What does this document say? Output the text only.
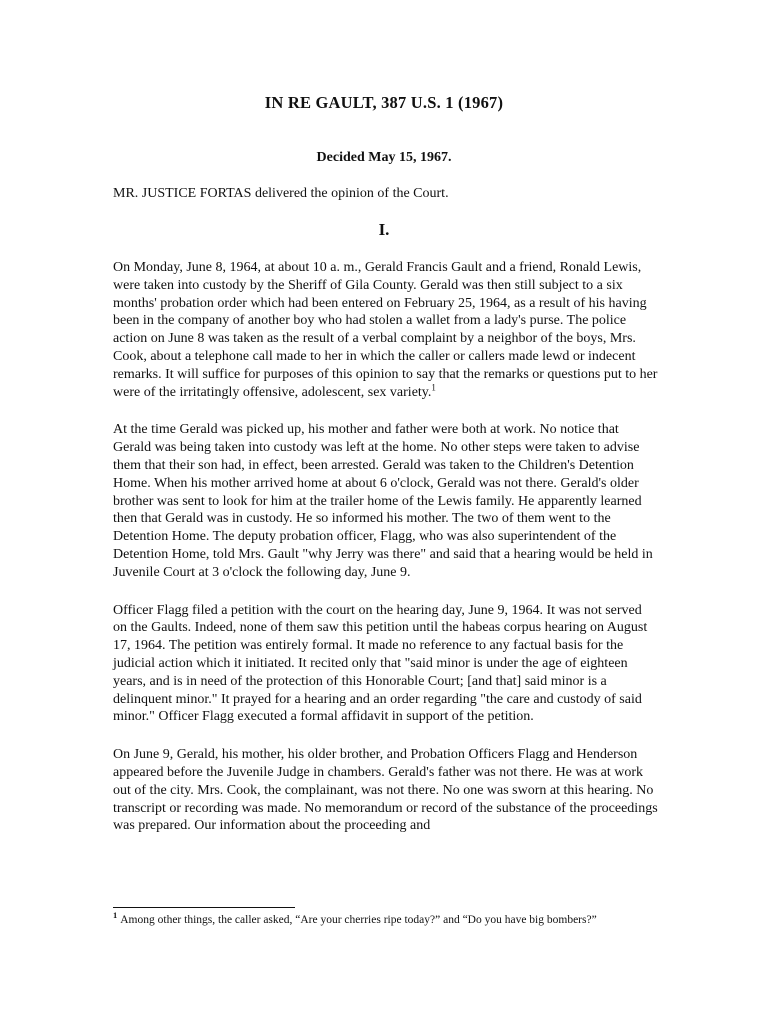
IN RE GAULT, 387 U.S. 1 (1967)
Decided May 15, 1967.
MR. JUSTICE FORTAS delivered the opinion of the Court.
I.

On Monday, June 8, 1964, at about 10 a. m., Gerald Francis Gault and a friend, Ronald Lewis, were taken into custody by the Sheriff of Gila County. Gerald was then still subject to a six months' probation order which had been entered on February 25, 1964, as a result of his having been in the company of another boy who had stolen a wallet from a lady's purse. The police action on June 8 was taken as the result of a verbal complaint by a neighbor of the boys, Mrs. Cook, about a telephone call made to her in which the caller or callers made lewd or indecent remarks. It will suffice for purposes of this opinion to say that the remarks or questions put to her were of the irritatingly offensive, adolescent, sex variety.$^1$

At the time Gerald was picked up, his mother and father were both at work. No notice that Gerald was being taken into custody was left at the home. No other steps were taken to advise them that their son had, in effect, been arrested. Gerald was taken to the Children's Detention Home. When his mother arrived home at about 6 o'clock, Gerald was not there. Gerald's older brother was sent to look for him at the trailer home of the Lewis family. He apparently learned then that Gerald was in custody. He so informed his mother. The two of them went to the Detention Home. The deputy probation officer, Flagg, who was also superintendent of the Detention Home, told Mrs. Gault "why Jerry was there" and said that a hearing would be held in Juvenile Court at 3 o'clock the following day, June 9.

Officer Flagg filed a petition with the court on the hearing day, June 9, 1964. It was not served on the Gaults. Indeed, none of them saw this petition until the habeas corpus hearing on August 17, 1964. The petition was entirely formal. It made no reference to any factual basis for the judicial action which it initiated. It recited only that "said minor is under the age of eighteen years, and is in need of the protection of this Honorable Court; [and that] said minor is a delinquent minor." It prayed for a hearing and an order regarding "the care and custody of said minor." Officer Flagg executed a formal affidavit in support of the petition.

On June 9, Gerald, his mother, his older brother, and Probation Officers Flagg and Henderson appeared before the Juvenile Judge in chambers. Gerald's father was not there. He was at work out of the city. Mrs. Cook, the complainant, was not there. No one was sworn at this hearing. No transcript or recording was made. No memorandum or record of the substance of the proceedings was prepared. Our information about the proceeding and

$^1$ Among other things, the caller asked, “Are your cherries ripe today?” and “Do you have big bombers?”
